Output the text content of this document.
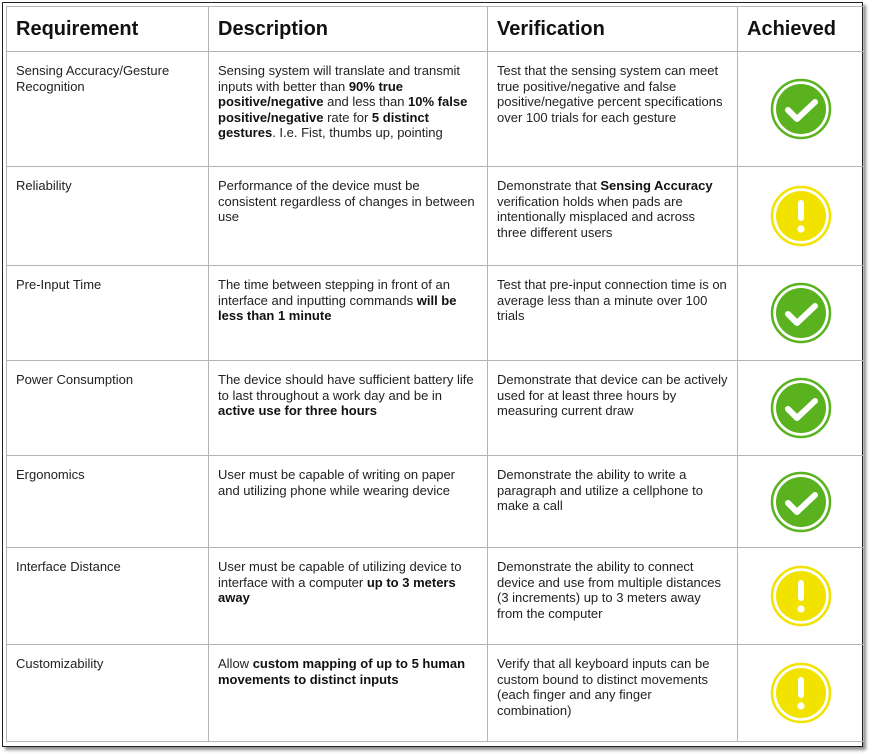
Requirement	Description	Verification	Achieved
Sensing Accuracy/Gesture Recognition	Sensing system will translate and transmit inputs with better than 90% true positive/negative and less than 10% false positive/negative rate for 5 distinct gestures. I.e. Fist, thumbs up, pointing	Test that the sensing system can meet true positive/negative and false positive/negative percent specifications over 100 trials for each gesture	
Reliability	Performance of the device must be consistent regardless of changes in between use	Demonstrate that Sensing Accuracy verification holds when pads are intentionally misplaced and across three different users	
Pre-Input Time	The time between stepping in front of an interface and inputting commands will be less than 1 minute	Test that pre-input connection time is on average less than a minute over 100 trials	
Power Consumption	The device should have sufficient battery life to last throughout a work day and be in active use for three hours	Demonstrate that device can be actively used for at least three hours by measuring current draw	
Ergonomics	User must be capable of writing on paper and utilizing phone while wearing device	Demonstrate the ability to write a paragraph and utilize a cellphone to make a call	
Interface Distance	User must be capable of utilizing device to interface with a computer up to 3 meters away	Demonstrate the ability to connect device and use from multiple distances (3 increments) up to 3 meters away from the computer	
Customizability	Allow custom mapping of up to 5 human movements to distinct inputs	Verify that all keyboard inputs can be custom bound to distinct movements (each finger and any finger combination)	
